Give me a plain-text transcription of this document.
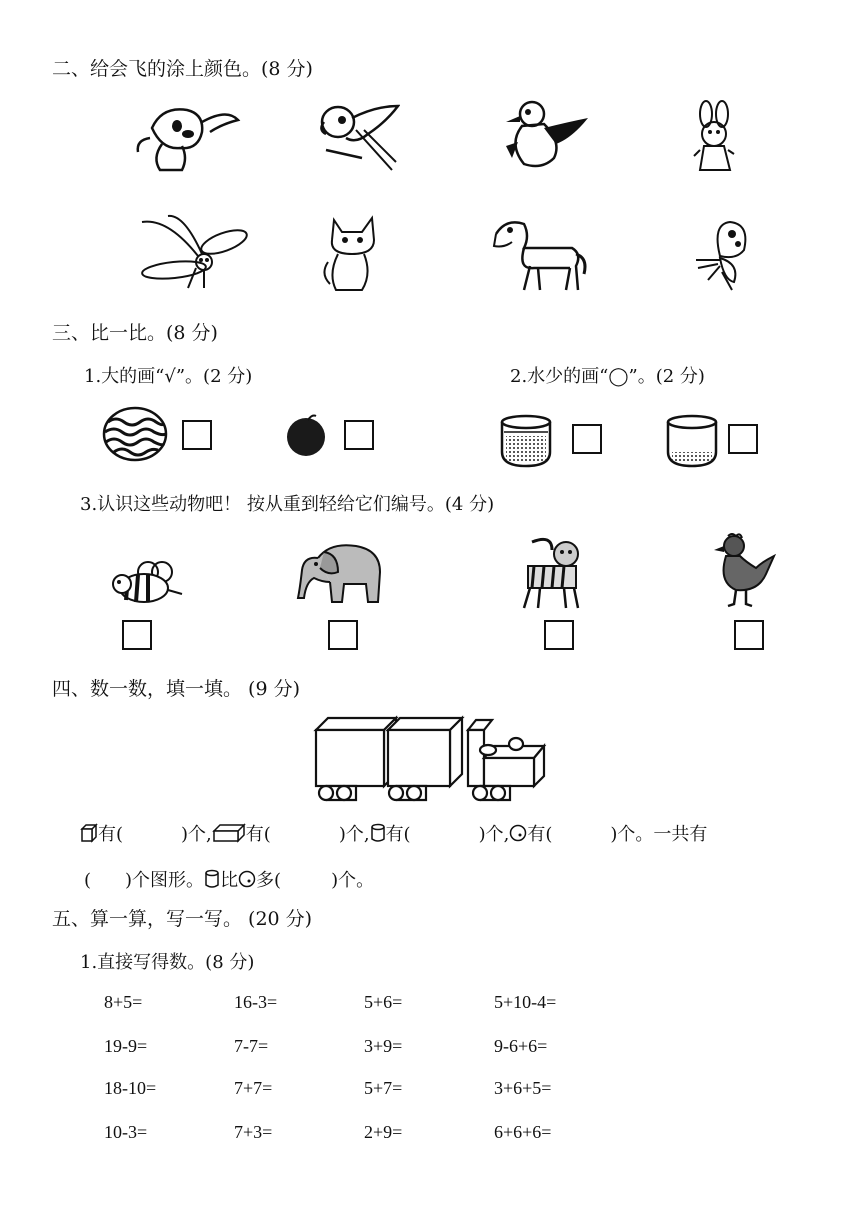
二、给会飞的涂上颜色。(8 分)
三、比一比。(8 分)
1.大的画“√”。(2 分)	2.水少的画“◯”。(2 分)
3.认识这些动物吧！ 按从重到轻给它们编号。(4 分)
四、数一数，填一填。 (9 分)
有(	)个, 有(	)个, 有(	)个, 有(	)个。一共有
( )个图形。 比 多(	)个。
五、算一算，写一写。 (20 分)
1.直接写得数。(8 分)
8+5=	16-3=	5+6=	5+10-4=
19-9=	7-7=	3+9=	9-6+6=
18-10=	7+7=	5+7=	3+6+5=
10-3=	7+3=	2+9=	6+6+6=
